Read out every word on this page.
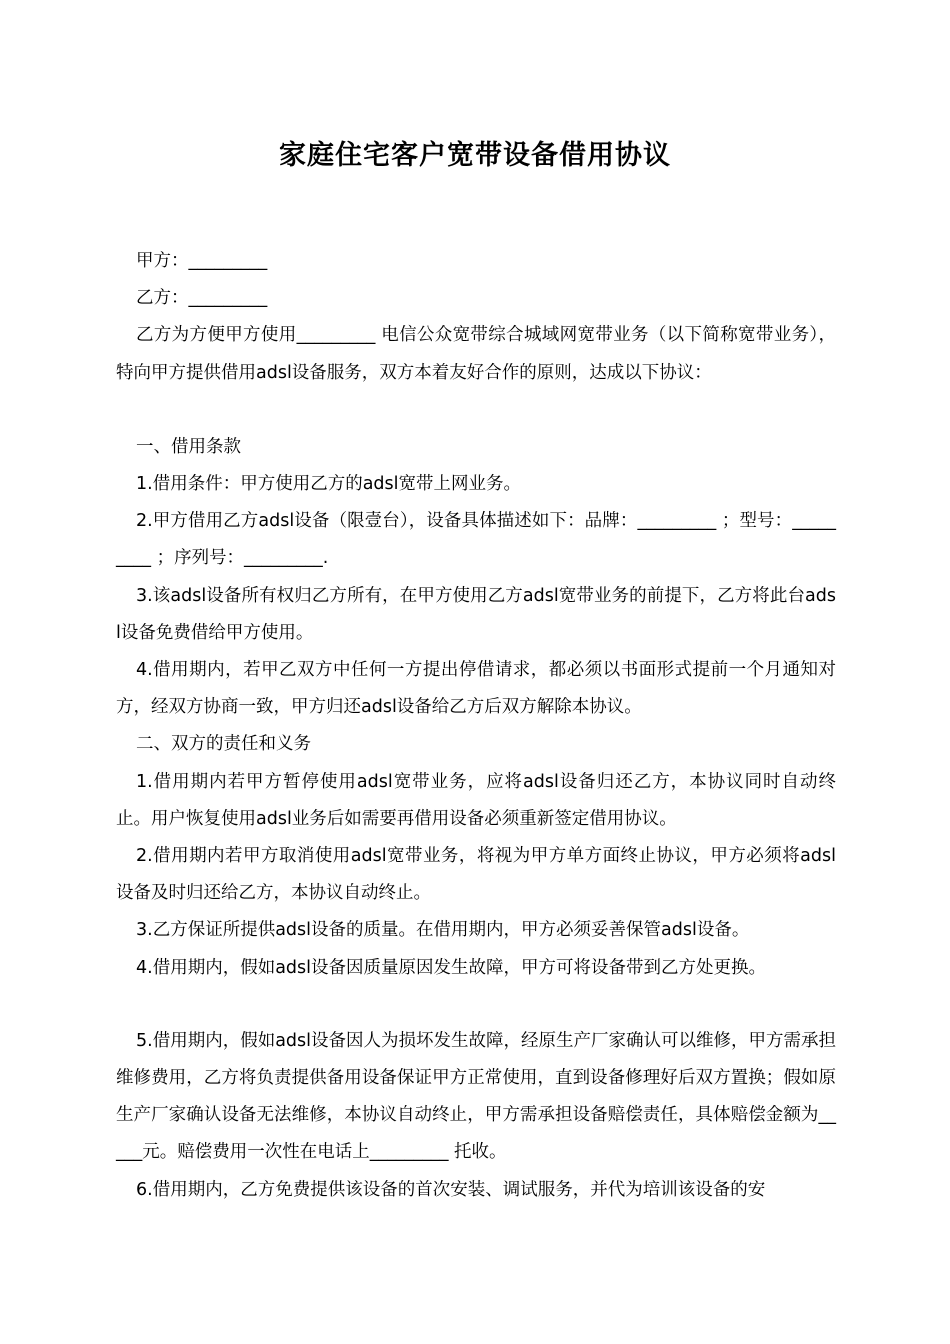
家庭住宅客户宽带设备借用协议

甲方：_________

乙方：_________

乙方为方便甲方使用_________ 电信公众宽带综合城域网宽带业务（以下简称宽带业务），特向甲方提供借用adsl设备服务，双方本着友好合作的原则，达成以下协议：

一、借用条款

1.借用条件：甲方使用乙方的adsl宽带上网业务。

2.甲方借用乙方adsl设备（限壹台），设备具体描述如下：品牌：_________ ；型号：_________ ；序列号：_________.

3.该adsl设备所有权归乙方所有，在甲方使用乙方adsl宽带业务的前提下，乙方将此台adsl设备免费借给甲方使用。

4.借用期内，若甲乙双方中任何一方提出停借请求，都必须以书面形式提前一个月通知对方，经双方协商一致，甲方归还adsl设备给乙方后双方解除本协议。

二、双方的责任和义务

1.借用期内若甲方暂停使用adsl宽带业务，应将adsl设备归还乙方，本协议同时自动终止。用户恢复使用adsl业务后如需要再借用设备必须重新签定借用协议。

2.借用期内若甲方取消使用adsl宽带业务，将视为甲方单方面终止协议，甲方必须将adsl设备及时归还给乙方，本协议自动终止。

3.乙方保证所提供adsl设备的质量。在借用期内，甲方必须妥善保管adsl设备。

4.借用期内，假如adsl设备因质量原因发生故障，甲方可将设备带到乙方处更换。

5.借用期内，假如adsl设备因人为损坏发生故障，经原生产厂家确认可以维修，甲方需承担维修费用，乙方将负责提供备用设备保证甲方正常使用，直到设备修理好后双方置换；假如原生产厂家确认设备无法维修，本协议自动终止，甲方需承担设备赔偿责任，具体赔偿金额为_____元。赔偿费用一次性在电话上_________ 托收。

6.借用期内，乙方免费提供该设备的首次安装、调试服务，并代为培训该设备的安
